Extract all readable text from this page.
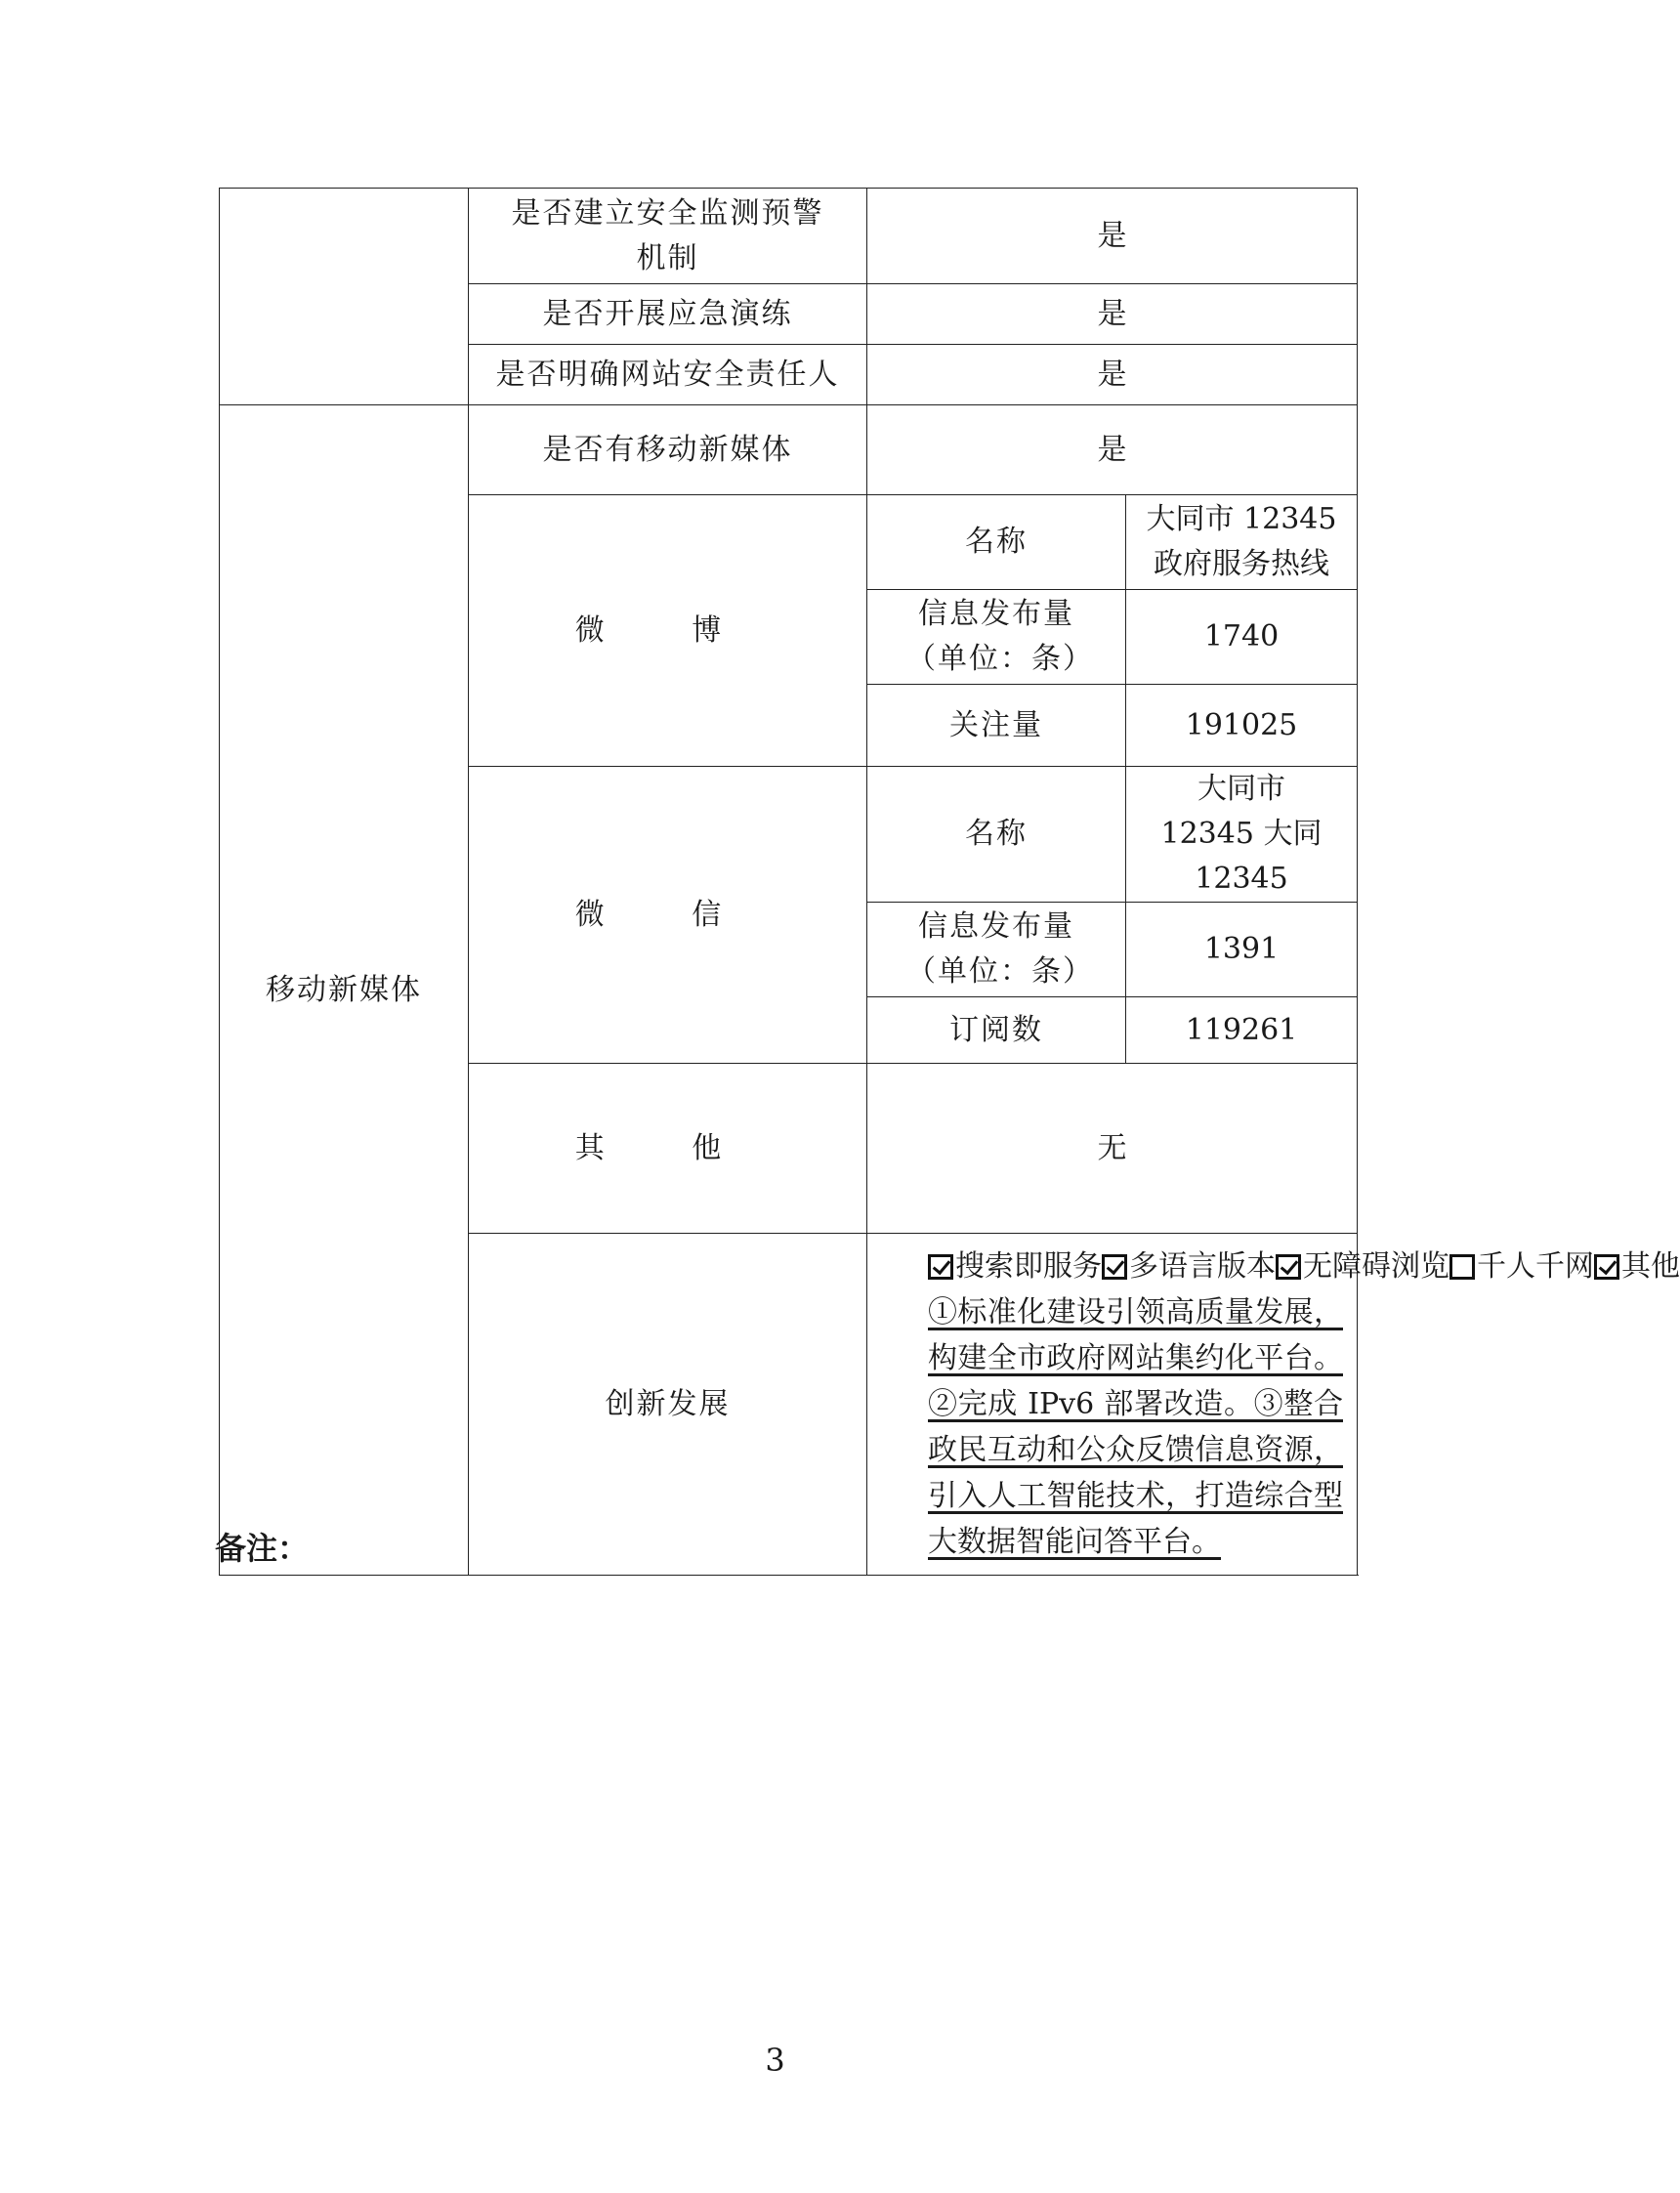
	是否建立安全监测预警机制	是	
	是否开展应急演练	是	
	是否明确网站安全责任人	是	
移动新媒体	是否有移动新媒体	是	
	微 博	名称	大同市 12345 政府服务热线
		信息发布量（单位：条）	1740
		关注量	191025
	微 信	名称	大同市 12345 大同 12345
		信息发布量（单位：条）	1391
		订阅数	119261
	其 他	无	
	创新发展	搜索即服务 多语言版本 无障碍浏览 千人千网 其他
①标准化建设引领高质量发展，构建全市政府网站集约化平台。②完成 IPv6 部署改造。③整合政民互动和公众反馈信息资源，引入人工智能技术，打造综合型大数据智能问答平台。	
备注：
3
